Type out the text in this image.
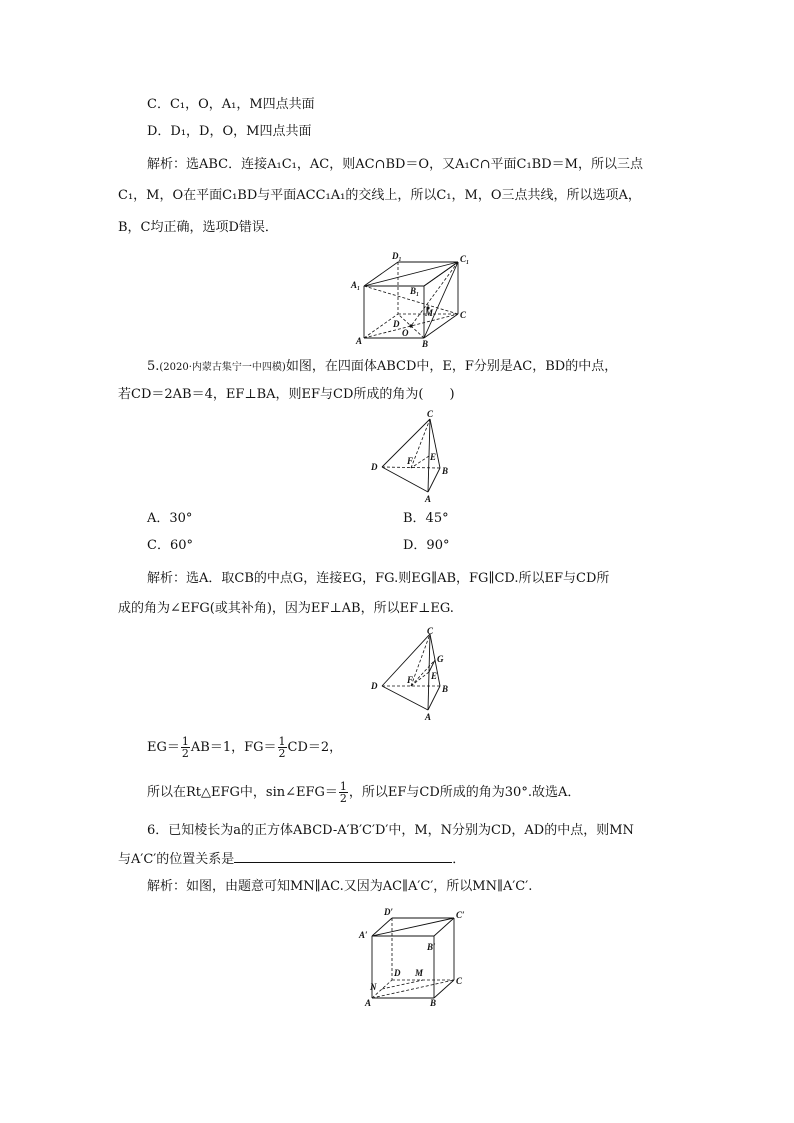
C．C₁，O，A₁，M四点共面
D．D₁，D，O，M四点共面
解析：选ABC．连接A₁C₁，AC，则AC∩BD＝O，又A₁C∩平面C₁BD＝M，所以三点
C₁，M，O在平面C₁BD与平面ACC₁A₁的交线上，所以C₁，M，O三点共线，所以选项A，
B，C均正确，选项D错误．
D₁	C₁
A₁
B₁
M
D
O
C
A	B
5.(2020·内蒙古集宁一中四模)如图，在四面体ABCD中，E，F分别是AC，BD的中点，
若CD＝2AB＝4，EF⊥BA，则EF与CD所成的角为(　　)
C
D
F E
B
A
A．30°	B．45°
C．60°	D．90°
解析：选A．取CB的中点G，连接EG，FG.则EG∥AB，FG∥CD.所以EF与CD所
成的角为∠EFG(或其补角)，因为EF⊥AB，所以EF⊥EG.
C
G
D
F E
B
A
$EG= \frac{1}{2} AB=1$，$FG= \frac{1}{2} CD=2$，
所以在Rt△EFG中，sin∠EFG＝ $\frac{1}{2}$ ，所以EF与CD所成的角为30°.故选A．
6．已知棱长为a的正方体ABCD-A′B′C′D′中，M，N分别为CD，AD的中点，则MN
与A′C′的位置关系是	．
解析：如图，由题意可知MN∥AC.又因为AC∥A′C′，所以MN∥A′C′.
D′	C′
A′
B′
D M
C
N
A	B
